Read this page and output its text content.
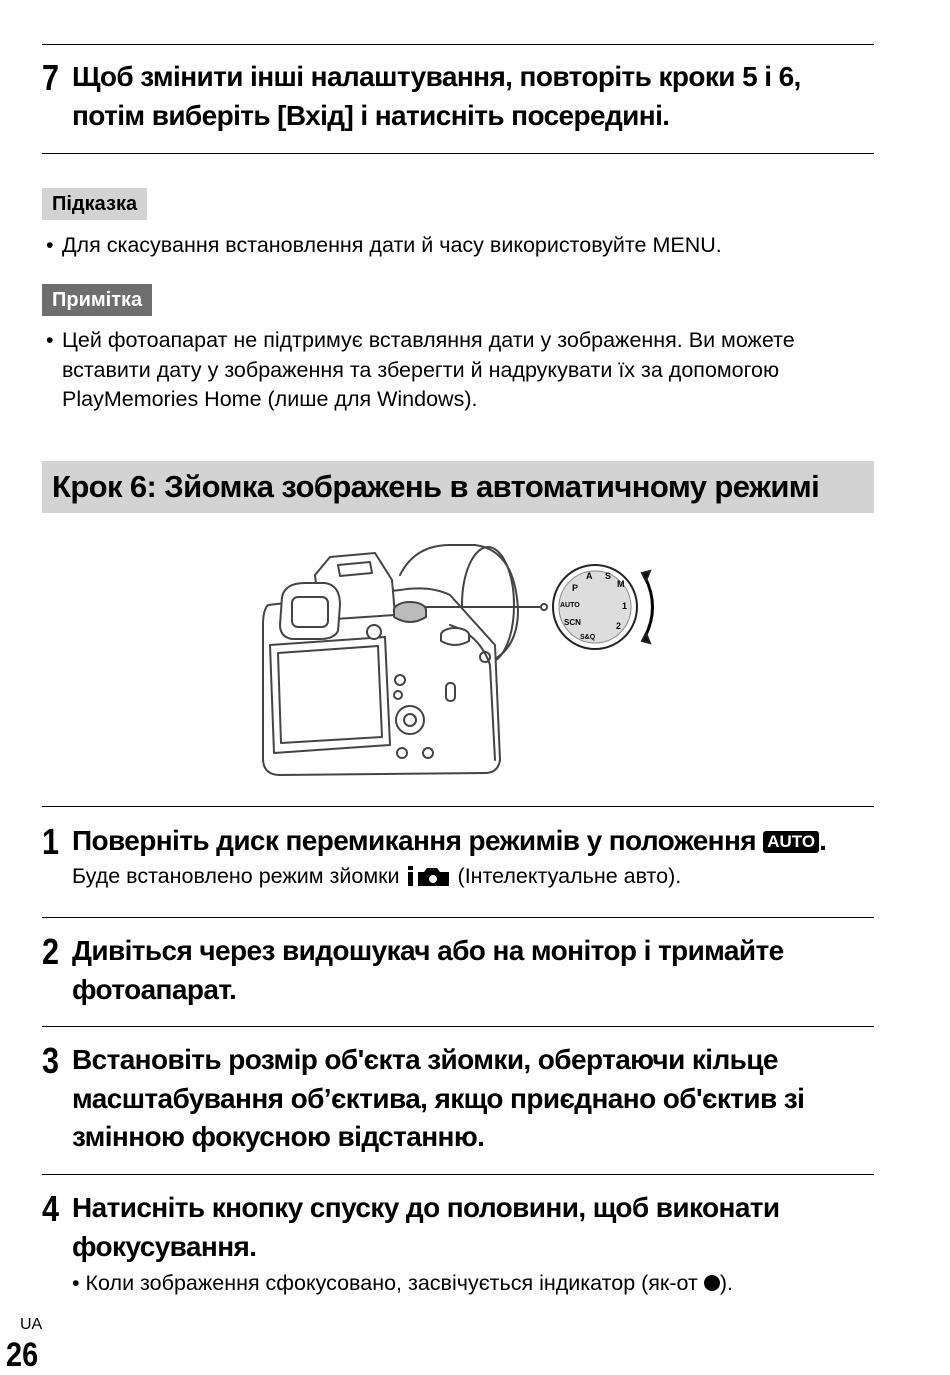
7 Щоб змінити інші налаштування, повторіть кроки 5 і 6, потім виберіть [Вхід] і натисніть посередині.
Підказка
• Для скасування встановлення дати й часу використовуйте MENU.
Примітка
• Цей фотоапарат не підтримує вставляння дати у зображення. Ви можете вставити дату у зображення та зберегти й надрукувати їх за допомогою PlayMemories Home (лише для Windows).
Крок 6: Зйомка зображень в автоматичному режимі
M
S
A
P
AUTO
SCN
S&Q
1
2
1 Поверніть диск перемикання режимів у положення AUTO .
Буде встановлено режим зйомки	(Інтелектуальне авто).
2 Дивіться через видошукач або на монітор і тримайте фотоапарат.
3 Встановіть розмір об'єкта зйомки, обертаючи кільце масштабування об’єктива, якщо приєднано об'єктив зі змінною фокусною відстанню.
4 Натисніть кнопку спуску до половини, щоб виконати фокусування.
• Коли зображення сфокусовано, засвічується індикатор (як-от ).
UA
26
